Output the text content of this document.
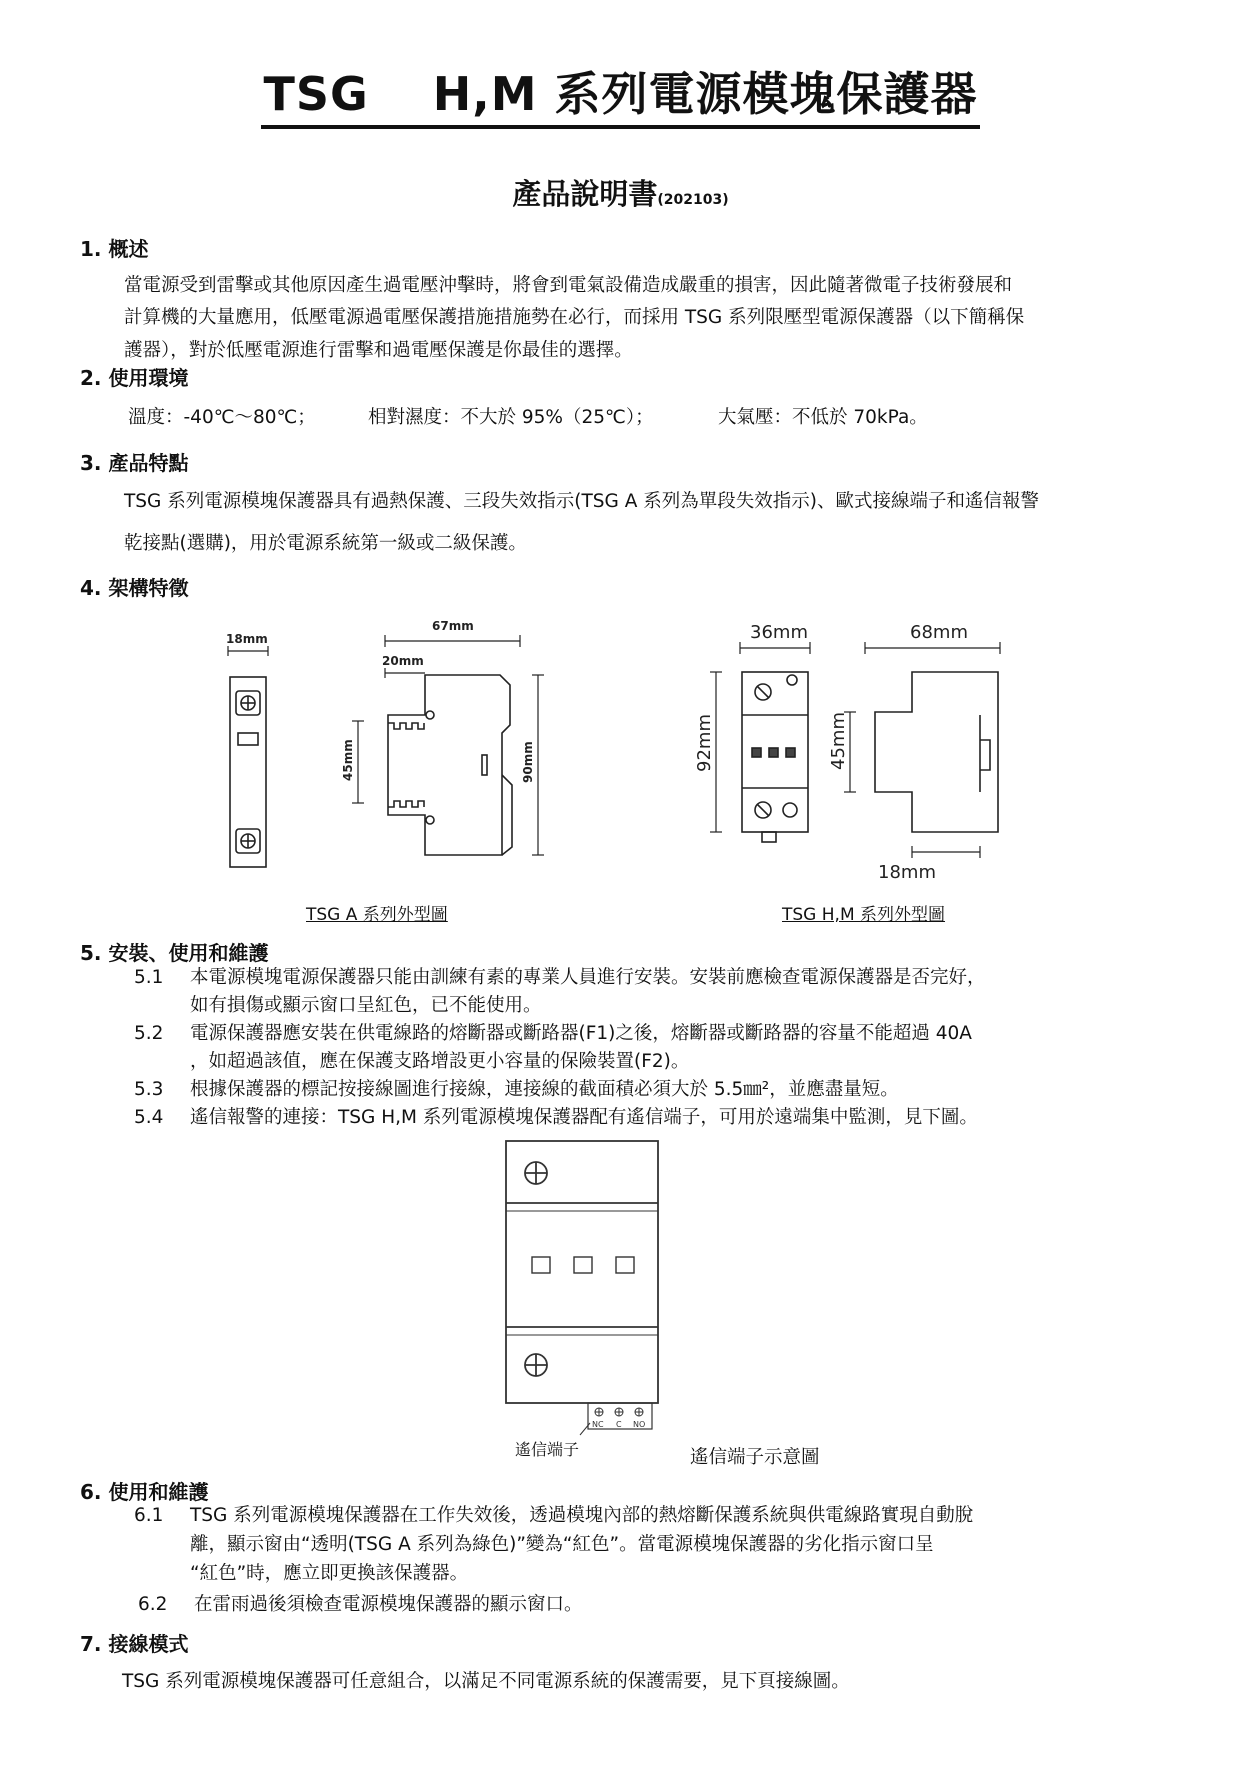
TSG　 H,M 系列電源模塊保護器
產品說明書(202103)
1. 概述
當電源受到雷擊或其他原因產生過電壓沖擊時，將會到電氣設備造成嚴重的損害，因此隨著微電子技術發展和
計算機的大量應用，低壓電源過電壓保護措施措施勢在必行，而採用 TSG 系列限壓型電源保護器（以下簡稱保
護器），對於低壓電源進行雷擊和過電壓保護是你最佳的選擇。
2. 使用環境
溫度：-40℃～80℃；	相對濕度：不大於 95%（25℃）；	大氣壓：不低於 70kPa。
3. 產品特點
TSG 系列電源模塊保護器具有過熱保護、三段失效指示(TSG A 系列為單段失效指示)、歐式接線端子和遙信報警
乾接點(選購)，用於電源系統第一級或二級保護。
4. 架構特徵
18mm
67mm
20mm
45mm	90mm
36mm
92mm
68mm
45mm
18mm
TSG A 系列外型圖	TSG H,M 系列外型圖
5. 安裝、使用和維護
5.1 本電源模塊電源保護器只能由訓練有素的專業人員進行安裝。安裝前應檢查電源保護器是否完好，
如有損傷或顯示窗口呈紅色，已不能使用。
5.2 電源保護器應安裝在供電線路的熔斷器或斷路器(F1)之後，熔斷器或斷路器的容量不能超過 40A
，如超過該值，應在保護支路增設更小容量的保險裝置(F2)。
5.3 根據保護器的標記按接線圖進行接線，連接線的截面積必須大於 5.5㎜²，並應盡量短。
5.4 遙信報警的連接：TSG H,M 系列電源模塊保護器配有遙信端子，可用於遠端集中監測，見下圖。
NC C NO
遙信端子	遙信端子示意圖
6. 使用和維護
6.1 TSG 系列電源模塊保護器在工作失效後，透過模塊內部的熱熔斷保護系統與供電線路實現自動脫
離，顯示窗由“透明(TSG A 系列為綠色)”變為“紅色”。當電源模塊保護器的劣化指示窗口呈
“紅色”時，應立即更換該保護器。
6.2 在雷雨過後須檢查電源模塊保護器的顯示窗口。
7. 接線模式
TSG 系列電源模塊保護器可任意組合，以滿足不同電源系統的保護需要，見下頁接線圖。
